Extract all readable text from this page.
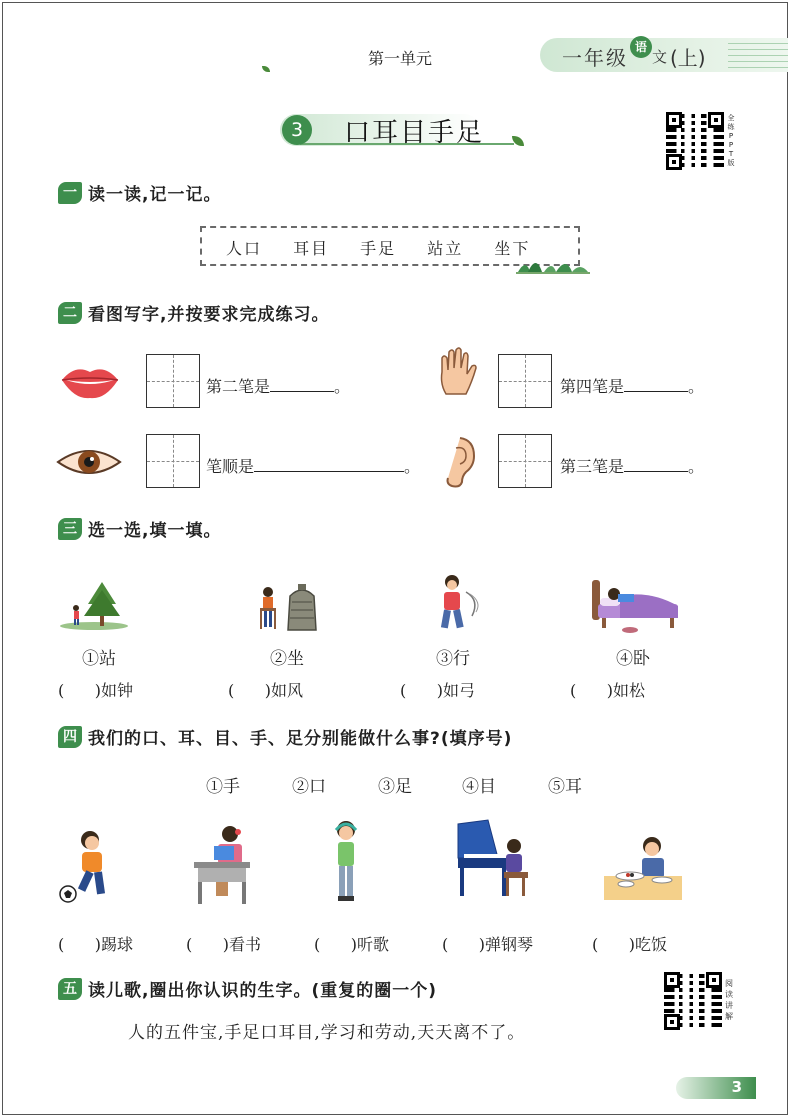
第一单元	一年级 语
文 (上)
3	口耳目手足	全
练
P
P
T
版
一 读一读,记一记。
人口 耳目 手足 站立 坐下
二 看图写字,并按要求完成练习。
第二笔是	。	第四笔是	。
笔顺是	。	第三笔是	。
三 选一选,填一填。
①站	②坐	③行	④卧
(      )如钟	(      )如风	(      )如弓	(      )如松
四 我们的口、耳、目、手、足分别能做什么事?(填序号)
①手	②口	③足	④目	⑤耳
(      )踢球	(      )看书	(      )听歌	(      )弹钢琴	(      )吃饭
五 读儿歌,圈出你认识的生字。(重复的圈一个)
人的五件宝,手足口耳目,学习和劳动,天天离不了。
阅
读
讲
解
3
